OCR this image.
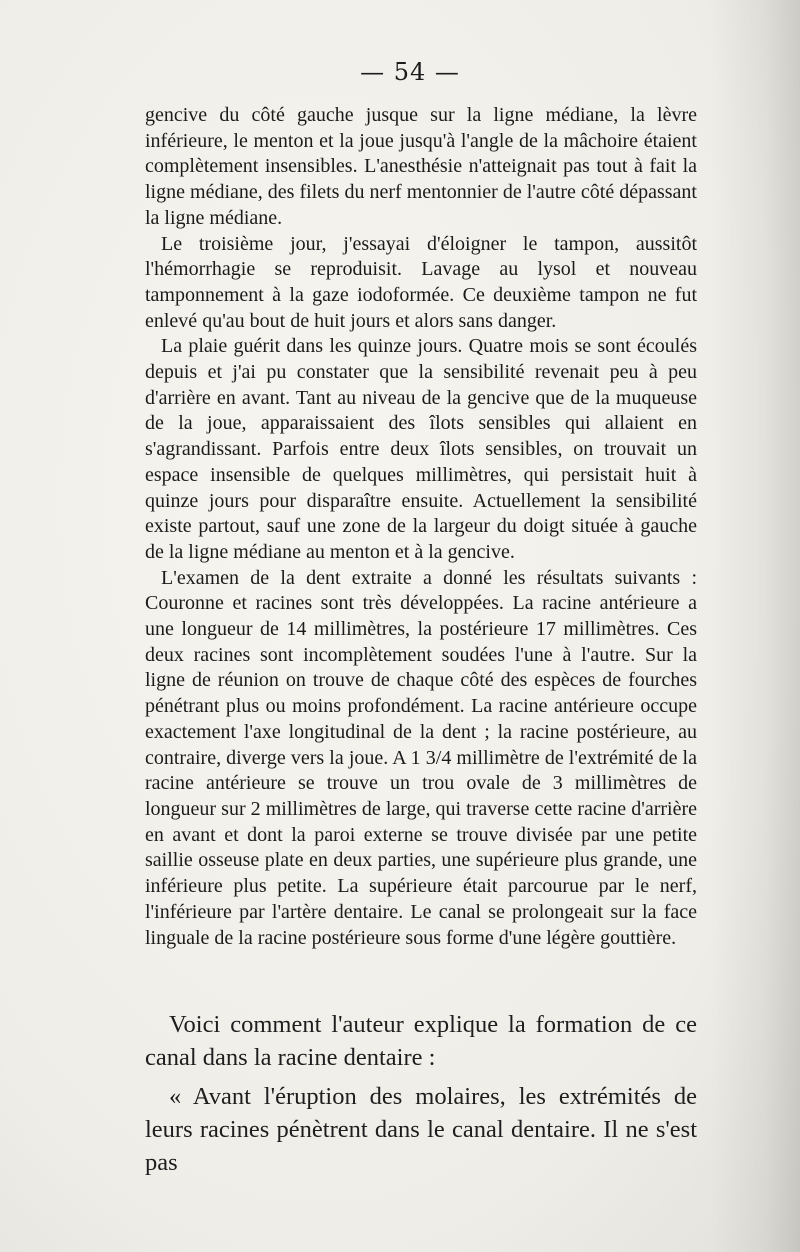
— 54 —

gencive du côté gauche jusque sur la ligne médiane, la lèvre inférieure, le menton et la joue jusqu'à l'angle de la mâchoire étaient complètement insensibles. L'anesthésie n'atteignait pas tout à fait la ligne médiane, des filets du nerf mentonnier de l'autre côté dépassant la ligne médiane.

Le troisième jour, j'essayai d'éloigner le tampon, aussitôt l'hémorrhagie se reproduisit. Lavage au lysol et nouveau tamponnement à la gaze iodoformée. Ce deuxième tampon ne fut enlevé qu'au bout de huit jours et alors sans danger.

La plaie guérit dans les quinze jours. Quatre mois se sont écoulés depuis et j'ai pu constater que la sensibilité revenait peu à peu d'arrière en avant. Tant au niveau de la gencive que de la muqueuse de la joue, apparaissaient des îlots sensibles qui allaient en s'agrandissant. Parfois entre deux îlots sensibles, on trouvait un espace insensible de quelques millimètres, qui persistait huit à quinze jours pour disparaître ensuite. Actuellement la sensibilité existe partout, sauf une zone de la largeur du doigt située à gauche de la ligne médiane au menton et à la gencive.

L'examen de la dent extraite a donné les résultats suivants : Couronne et racines sont très développées. La racine antérieure a une longueur de 14 millimètres, la postérieure 17 millimètres. Ces deux racines sont incomplètement soudées l'une à l'autre. Sur la ligne de réunion on trouve de chaque côté des espèces de fourches pénétrant plus ou moins profondément. La racine antérieure occupe exactement l'axe longitudinal de la dent ; la racine postérieure, au contraire, diverge vers la joue. A 1 3/4 millimètre de l'extrémité de la racine antérieure se trouve un trou ovale de 3 millimètres de longueur sur 2 millimètres de large, qui traverse cette racine d'arrière en avant et dont la paroi externe se trouve divisée par une petite saillie osseuse plate en deux parties, une supérieure plus grande, une inférieure plus petite. La supérieure était parcourue par le nerf, l'inférieure par l'artère dentaire. Le canal se prolongeait sur la face linguale de la racine postérieure sous forme d'une légère gouttière.

Voici comment l'auteur explique la formation de ce canal dans la racine dentaire :

« Avant l'éruption des molaires, les extrémités de leurs racines pénètrent dans le canal dentaire. Il ne s'est pas
